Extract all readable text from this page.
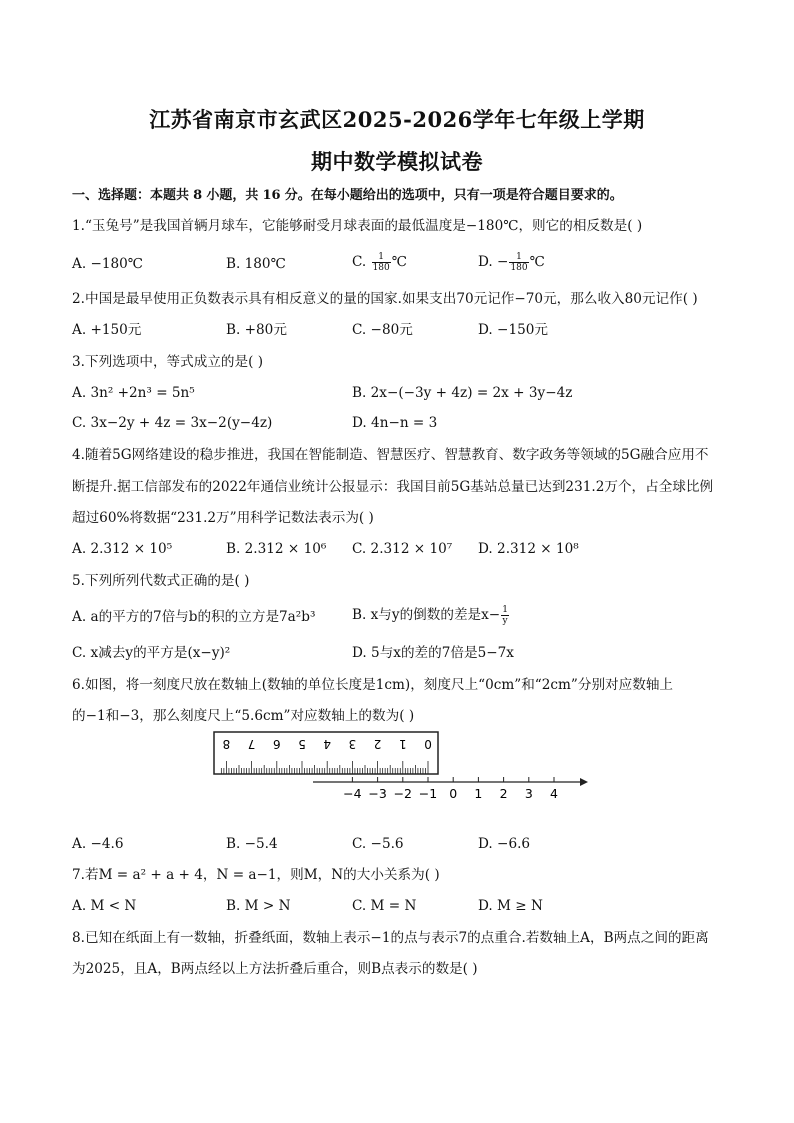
江苏省南京市玄武区2025-2026学年七年级上学期
期中数学模拟试卷
一、选择题：本题共 8 小题，共 16 分。在每小题给出的选项中，只有一项是符合题目要求的。
1.“玉兔号”是我国首辆月球车，它能够耐受月球表面的最低温度是−180℃，则它的相反数是( )
A. −180℃	B. 180℃	C. $\frac{1}{180}$ ℃	D. − $\frac{1}{180}$ ℃
2.中国是最早使用正负数表示具有相反意义的量的国家.如果支出70元记作−70元，那么收入80元记作( )
A. +150元	B. +80元	C. −80元	D. −150元
3.下列选项中，等式成立的是( )
A. 3n² +2n³ = 5n⁵	B. 2x−(−3y + 4z) = 2x + 3y−4z
C. 3x−2y + 4z = 3x−2(y−4z)	D. 4n−n = 3
4.随着5G网络建设的稳步推进，我国在智能制造、智慧医疗、智慧教育、数字政务等领域的5G融合应用不
断提升.据工信部发布的2022年通信业统计公报显示：我国目前5G基站总量已达到231.2万个，占全球比例
超过60%将数据“231.2万”用科学记数法表示为( )
A. 2.312 × 10⁵	B. 2.312 × 10⁶ C. 2.312 × 10⁷ D. 2.312 × 10⁸
5.下列所列代数式正确的是( )
A. a的平方的7倍与b的积的立方是7a²b³	B. x与y的倒数的差是$x- \frac{1}{y}$
C. x减去y的平方是(x−y)²	D. 5与x的差的7倍是5−7x
6.如图，将一刻度尺放在数轴上(数轴的单位长度是1cm)，刻度尺上“0cm”和“2cm”分别对应数轴上
的−1和−3，那么刻度尺上“5.6cm”对应数轴上的数为( )
8 7 6 5 4 3 2 1 0
−4 −3 −2 −1 0 1 2 3 4
A. −4.6	B. −5.4	C. −5.6	D. −6.6
7.若M = a² + a + 4，N = a−1，则M，N的大小关系为( )
A. M < N	B. M > N	C. M = N	D. M ≥ N
8.已知在纸面上有一数轴，折叠纸面，数轴上表示−1的点与表示7的点重合.若数轴上A，B两点之间的距离
为2025，且A，B两点经以上方法折叠后重合，则B点表示的数是( )
